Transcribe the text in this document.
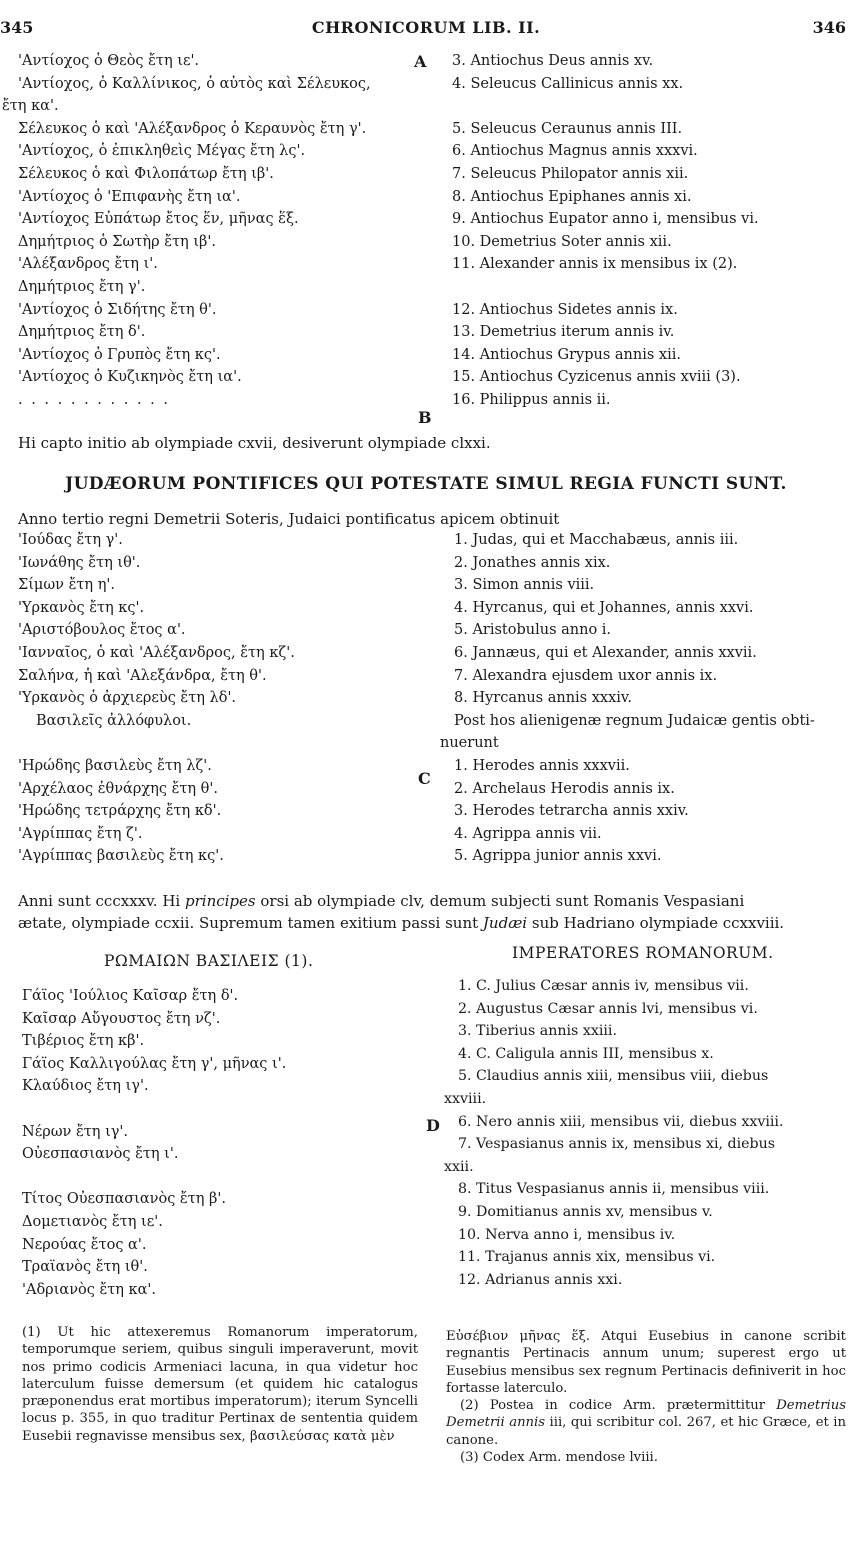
345	CHRONICORUM LIB. II.	346
'Αντίοχος ὁ Θεὸς ἔτη ιε'.
'Αντίοχος, ὁ Καλλίνικος, ὁ αὐτὸς καὶ Σέλευκος,
ἔτη κα'.
Σέλευκος ὁ καὶ 'Αλέξανδρος ὁ Κεραυνὸς ἔτη γ'.
'Αντίοχος, ὁ ἐπικληθεὶς Μέγας ἔτη λς'.
Σέλευκος ὁ καὶ Φιλοπάτωρ ἔτη ιβ'.
'Αντίοχος ὁ 'Επιφανὴς ἔτη ια'.
'Αντίοχος Εὐπάτωρ ἔτος ἕν, μῆνας ἕξ.
Δημήτριος ὁ Σωτὴρ ἔτη ιβ'.
'Αλέξανδρος ἔτη ι'.
Δημήτριος ἔτη γ'.
'Αντίοχος ὁ Σιδήτης ἔτη θ'.
Δημήτριος ἔτη δ'.
'Αντίοχος ὁ Γρυπὸς ἔτη κς'.
'Αντίοχος ὁ Κυζικηνὸς ἔτη ια'.
. . . . . . . . . . . .
A 3. Antiochus Deus annis xv.
4. Seleucus Callinicus annis xx.

5. Seleucus Ceraunus annis III.
6. Antiochus Magnus annis xxxvi.
7. Seleucus Philopator annis xii.
8. Antiochus Epiphanes annis xi.
9. Antiochus Eupator anno i, mensibus vi.
10. Demetrius Soter annis xii.
11. Alexander annis ix mensibus ix (2).

12. Antiochus Sidetes annis ix.
13. Demetrius iterum annis iv.
14. Antiochus Grypus annis xii.
15. Antiochus Cyzicenus annis xviii (3).
16. Philippus annis ii.
B
Hi capto initio ab olympiade cxvii, desiverunt olympiade clxxi.
JUDÆORUM PONTIFICES QUI POTESTATE SIMUL REGIA FUNCTI SUNT.
Anno tertio regni Demetrii Soteris, Judaici pontificatus apicem obtinuit
'Ιούδας ἔτη γ'.
'Ιωνάθης ἔτη ιθ'.
Σίμων ἔτη η'.
'Υρκανὸς ἔτη κς'.
'Αριστόβουλος ἔτος α'.
'Ιανναῖος, ὁ καὶ 'Αλέξανδρος, ἔτη κζ'.
Σαλήνα, ἡ καὶ 'Αλεξάνδρα, ἔτη θ'.
'Υρκανὸς ὁ ἀρχιερεὺς ἔτη λδ'.
Βασιλεῖς ἀλλόφυλοι.

'Ηρώδης βασιλεὺς ἔτη λζ'.
'Αρχέλαος ἐθνάρχης ἔτη θ'.
'Ηρώδης τετράρχης ἔτη κδ'.
'Αγρίππας ἔτη ζ'.
'Αγρίππας βασιλεὺς ἔτη κς'.
1. Judas, qui et Macchabæus, annis iii.
2. Jonathes annis xix.
3. Simon annis viii.
4. Hyrcanus, qui et Johannes, annis xxvi.
5. Aristobulus anno i.
6. Jannæus, qui et Alexander, annis xxvii.
7. Alexandra ejusdem uxor annis ix.
8. Hyrcanus annis xxxiv.
Post hos alienigenæ regnum Judaicæ gentis obti-
nuerunt
1. Herodes annis xxxvii.
2. Archelaus Herodis annis ix.
3. Herodes tetrarcha annis xxiv.
4. Agrippa annis vii.
5. Agrippa junior annis xxvi.
C
Anni sunt cccxxxv. Hi principes orsi ab olympiade clv, demum subjecti sunt Romanis Vespasiani
ætate, olympiade ccxii. Supremum tamen exitium passi sunt Judæi sub Hadriano olympiade ccxxviii.
ΡΩΜΑΙΩΝ ΒΑΣΙΛΕΙΣ (1).	IMPERATORES ROMANORUM.
Γάϊος 'Ιούλιος Καῖσαρ ἔτη δ'.
Καῖσαρ Αὔγουστος ἔτη νζ'.
Τιβέριος ἔτη κβ'.
Γάϊος Καλλιγούλας ἔτη γ', μῆνας ι'.
Κλαύδιος ἔτη ιγ'.

Νέρων ἔτη ιγ'.
Οὐεσπασιανὸς ἔτη ι'.

Τίτος Οὐεσπασιανὸς ἔτη β'.
Δομετιανὸς ἔτη ιε'.
Νερούας ἔτος α'.
Τραϊανὸς ἔτη ιθ'.
'Αδριανὸς ἔτη κα'.
D
1. C. Julius Cæsar annis iv, mensibus vii.
2. Augustus Cæsar annis lvi, mensibus vi.
3. Tiberius annis xxiii.
4. C. Caligula annis III, mensibus x.
5. Claudius annis xiii, mensibus viii, diebus
xxviii.
6. Nero annis xiii, mensibus vii, diebus xxviii.
7. Vespasianus annis ix, mensibus xi, diebus
xxii.
8. Titus Vespasianus annis ii, mensibus viii.
9. Domitianus annis xv, mensibus v.
10. Nerva anno i, mensibus iv.
11. Trajanus annis xix, mensibus vi.
12. Adrianus annis xxi.

(1) Ut hic attexeremus Romanorum imperatorum, temporumque seriem, quibus singuli imperaverunt, movit nos primo codicis Armeniaci lacuna, in qua videtur hoc laterculum fuisse demersum (et quidem hic catalogus præponendus erat mortibus imperatorum); iterum Syncelli locus p. 355, in quo traditur Pertinax de sententia quidem Eusebii regnavisse mensibus sex, βασιλεύσας κατὰ μὲν

Εὐσέβιον μῆνας ἕξ. Atqui Eusebius in canone scribit regnantis Pertinacis annum unum; superest ergo ut Eusebius mensibus sex regnum Pertinacis definiverit in hoc fortasse laterculo.

(2) Postea in codice Arm. prætermittitur Demetrius Demetrii annis iii, qui scribitur col. 267, et hic Græce, et in canone.

(3) Codex Arm. mendose lviii.
